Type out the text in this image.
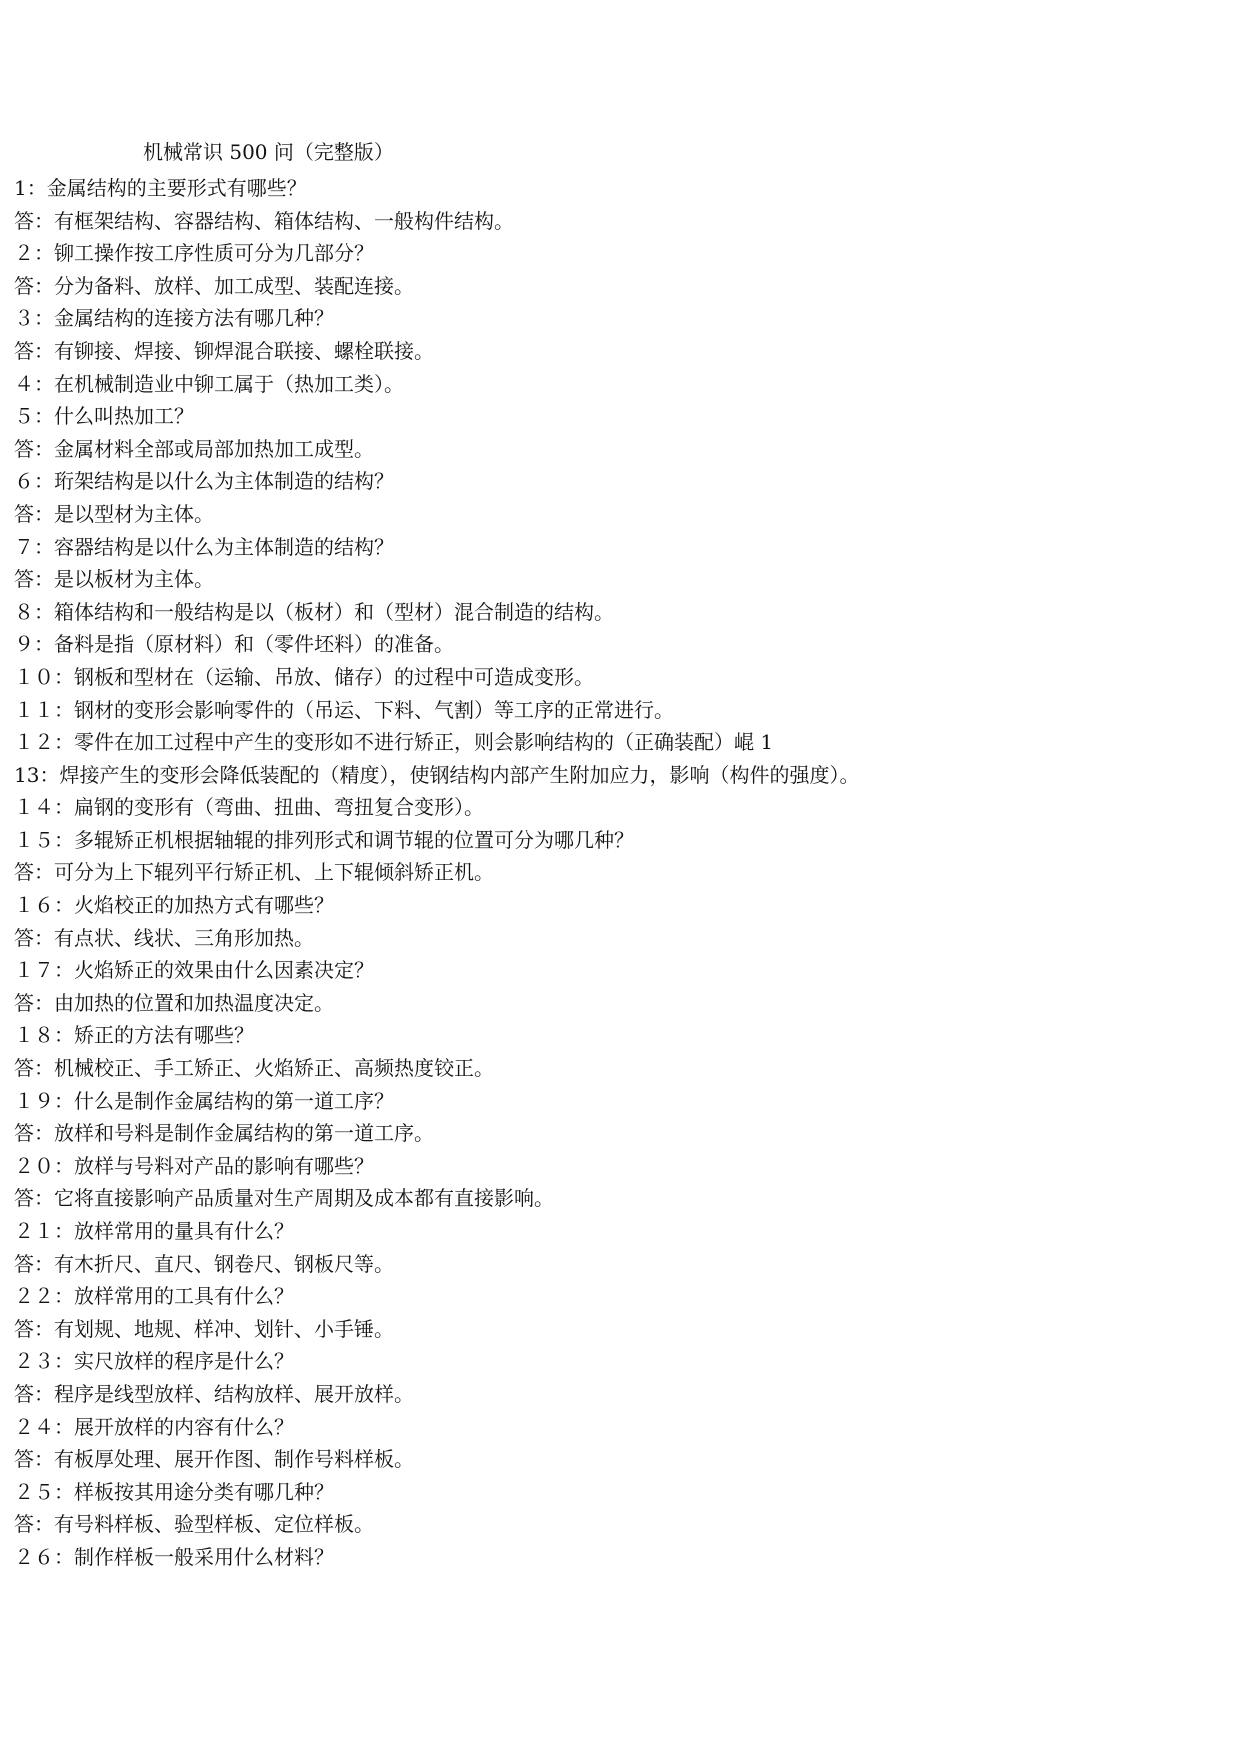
机械常识 500 问（完整版）
1：金属结构的主要形式有哪些？
答：有框架结构、容器结构、箱体结构、一般构件结构。
２：铆工操作按工序性质可分为几部分？
答：分为备料、放样、加工成型、装配连接。
３：金属结构的连接方法有哪几种？
答：有铆接、焊接、铆焊混合联接、螺栓联接。
４：在机械制造业中铆工属于（热加工类）。
５：什么叫热加工？
答：金属材料全部或局部加热加工成型。
６：珩架结构是以什么为主体制造的结构？
答：是以型材为主体。
７：容器结构是以什么为主体制造的结构？
答：是以板材为主体。
８：箱体结构和一般结构是以（板材）和（型材）混合制造的结构。
９：备料是指（原材料）和（零件坯料）的准备。
１０：钢板和型材在（运输、吊放、储存）的过程中可造成变形。
１１：钢材的变形会影响零件的（吊运、下料、气割）等工序的正常进行。
１２：零件在加工过程中产生的变形如不进行矫正，则会影响结构的（正确装配）崐 1
13：焊接产生的变形会降低装配的（精度），使钢结构内部产生附加应力，影响（构件的强度）。
１４：扁钢的变形有（弯曲、扭曲、弯扭复合变形）。
１５：多辊矫正机根据轴辊的排列形式和调节辊的位置可分为哪几种？
答：可分为上下辊列平行矫正机、上下辊倾斜矫正机。
１６：火焰校正的加热方式有哪些？
答：有点状、线状、三角形加热。
１７：火焰矫正的效果由什么因素决定？
答：由加热的位置和加热温度决定。
１８：矫正的方法有哪些？
答：机械校正、手工矫正、火焰矫正、高频热度铰正。
１９：什么是制作金属结构的第一道工序？
答：放样和号料是制作金属结构的第一道工序。
２０：放样与号料对产品的影响有哪些？
答：它将直接影响产品质量对生产周期及成本都有直接影响。
２１：放样常用的量具有什么？
答：有木折尺、直尺、钢卷尺、钢板尺等。
２２：放样常用的工具有什么？
答：有划规、地规、样冲、划针、小手锤。
２３：实尺放样的程序是什么？
答：程序是线型放样、结构放样、展开放样。
２４：展开放样的内容有什么？
答：有板厚处理、展开作图、制作号料样板。
２５：样板按其用途分类有哪几种？
答：有号料样板、验型样板、定位样板。
２６：制作样板一般采用什么材料？
